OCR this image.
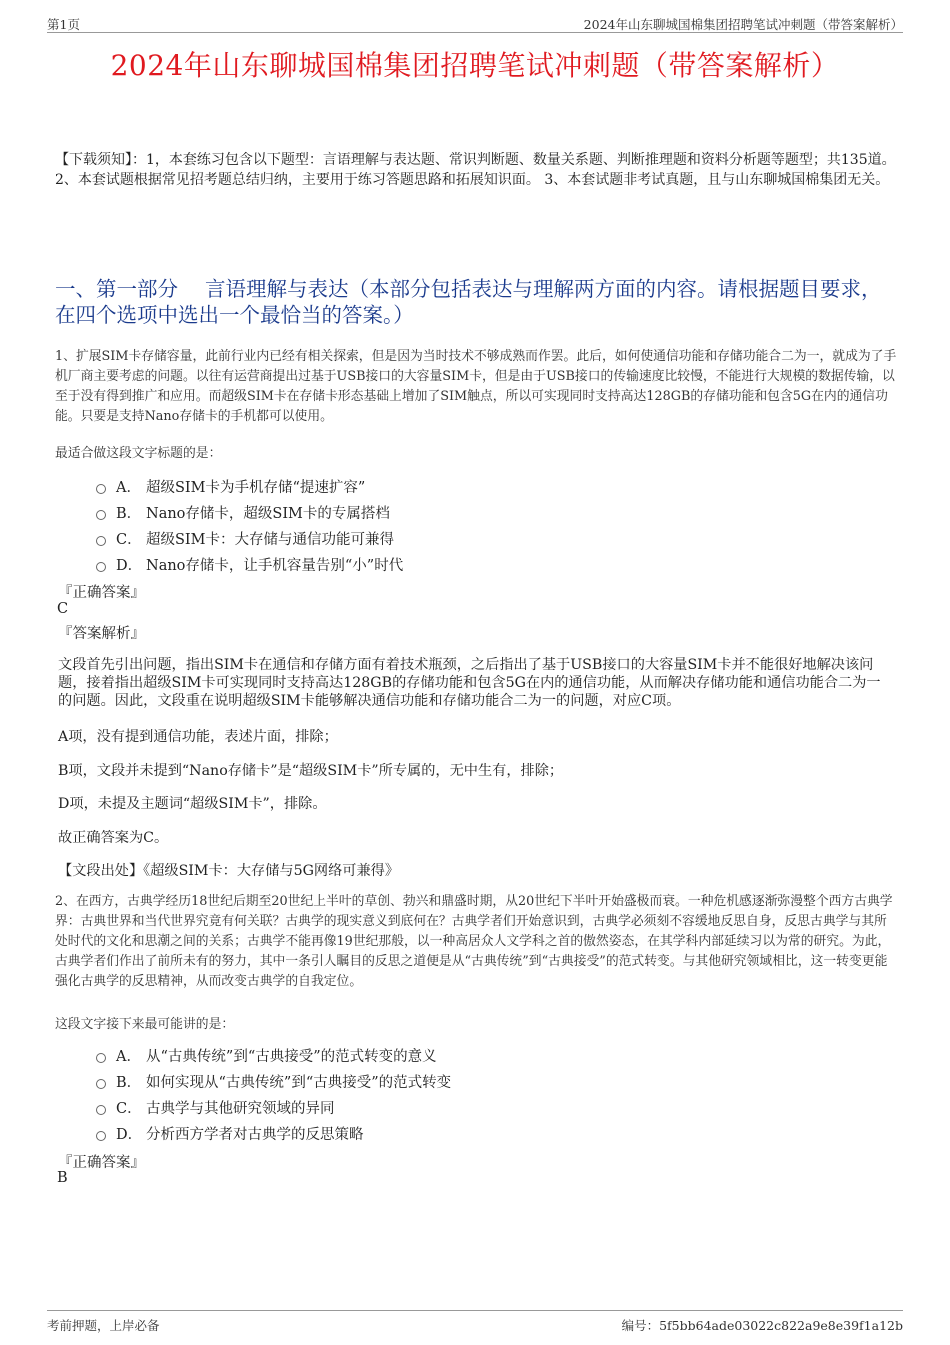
第1页	2024年山东聊城国棉集团招聘笔试冲刺题（带答案解析）
2024年山东聊城国棉集团招聘笔试冲刺题（带答案解析）
【下载须知】：1，本套练习包含以下题型：言语理解与表达题、常识判断题、数量关系题、判断推理题和资料分析题等题型；共135道。 2、本套试题根据常见招考题总结归纳，主要用于练习答题思路和拓展知识面。 3、本套试题非考试真题，且与山东聊城国棉集团无关。
一、第一部分　 言语理解与表达（本部分包括表达与理解两方面的内容。请根据题目要求，在四个选项中选出一个最恰当的答案。）
1、扩展SIM卡存储容量，此前行业内已经有相关探索，但是因为当时技术不够成熟而作罢。此后，如何使通信功能和存储功能合二为一，就成为了手机厂商主要考虑的问题。以往有运营商提出过基于USB接口的大容量SIM卡，但是由于USB接口的传输速度比较慢，不能进行大规模的数据传输，以至于没有得到推广和应用。而超级SIM卡在存储卡形态基础上增加了SIM触点，所以可实现同时支持高达128GB的存储功能和包含5G在内的通信功能。只要是支持Nano存储卡的手机都可以使用。
最适合做这段文字标题的是：
A． 超级SIM卡为手机存储“提速扩容”
B． Nano存储卡，超级SIM卡的专属搭档
C． 超级SIM卡：大存储与通信功能可兼得
D． Nano存储卡，让手机容量告别“小”时代
『正确答案』
C
『答案解析』
文段首先引出问题，指出SIM卡在通信和存储方面有着技术瓶颈，之后指出了基于USB接口的大容量SIM卡并不能很好地解决该问题，接着指出超级SIM卡可实现同时支持高达128GB的存储功能和包含5G在内的通信功能，从而解决存储功能和通信功能合二为一的问题。因此，文段重在说明超级SIM卡能够解决通信功能和存储功能合二为一的问题，对应C项。
A项，没有提到通信功能，表述片面，排除；
B项，文段并未提到“Nano存储卡”是“超级SIM卡”所专属的，无中生有，排除；
D项，未提及主题词“超级SIM卡”，排除。
故正确答案为C。
【文段出处】《超级SIM卡：大存储与5G网络可兼得》
2、在西方，古典学经历18世纪后期至20世纪上半叶的草创、勃兴和鼎盛时期，从20世纪下半叶开始盛极而衰。一种危机感逐渐弥漫整个西方古典学界：古典世界和当代世界究竟有何关联？古典学的现实意义到底何在？古典学者们开始意识到，古典学必须刻不容缓地反思自身，反思古典学与其所处时代的文化和思潮之间的关系；古典学不能再像19世纪那般，以一种高居众人文学科之首的傲然姿态，在其学科内部延续习以为常的研究。为此，古典学者们作出了前所未有的努力，其中一条引人瞩目的反思之道便是从“古典传统”到“古典接受”的范式转变。与其他研究领域相比，这一转变更能强化古典学的反思精神，从而改变古典学的自我定位。
这段文字接下来最可能讲的是：
A． 从“古典传统”到“古典接受”的范式转变的意义
B． 如何实现从“古典传统”到“古典接受”的范式转变
C． 古典学与其他研究领域的异同
D． 分析西方学者对古典学的反思策略
『正确答案』
B
考前押题，上岸必备	编号：5f5bb64ade03022c822a9e8e39f1a12b
